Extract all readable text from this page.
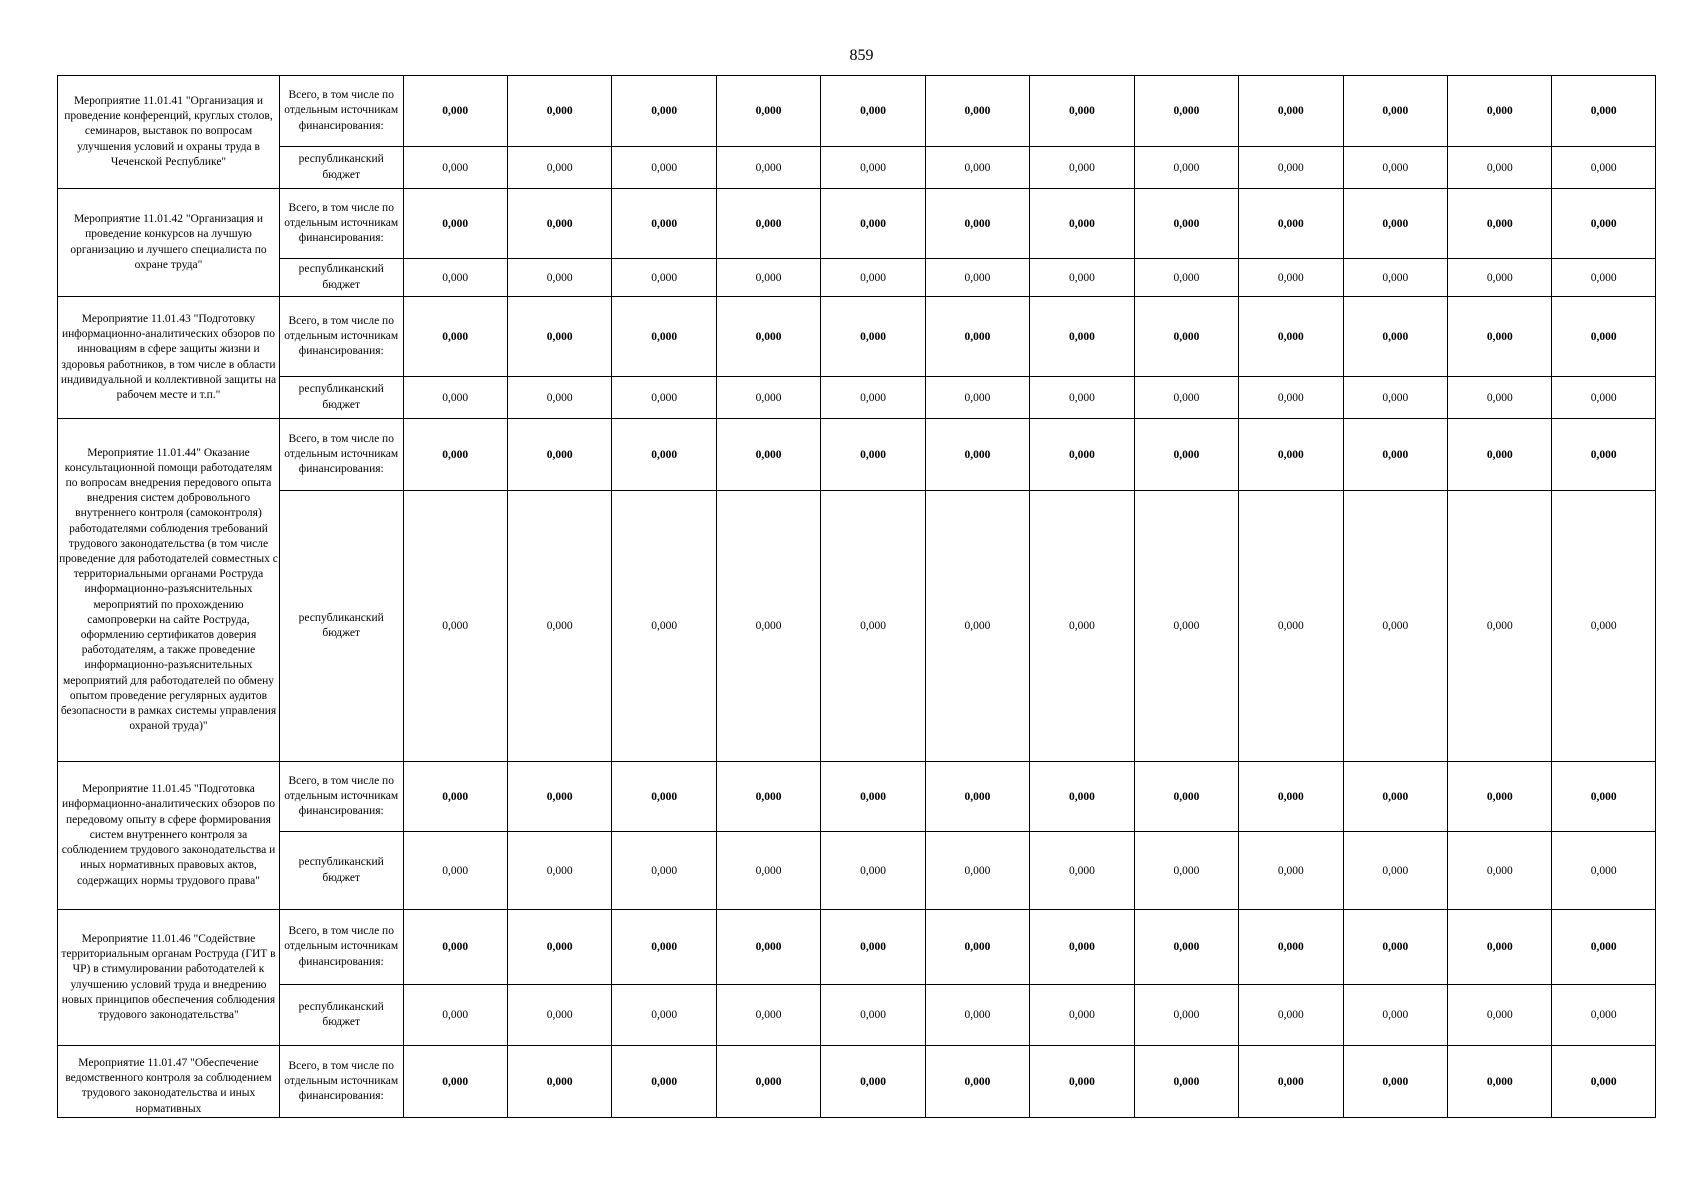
859
Мероприятие 11.01.41 "Организация и проведение конференций, круглых столов, семинаров, выставок по вопросам улучшения условий и охраны труда в Чеченской Республике"	Всего, в том числе по отдельным источникам финансирования:	0,000	0,000	0,000	0,000	0,000	0,000	0,000	0,000	0,000	0,000	0,000	0,000
	республиканский бюджет	0,000	0,000	0,000	0,000	0,000	0,000	0,000	0,000	0,000	0,000	0,000	0,000
Мероприятие 11.01.42 "Организация и проведение конкурсов на лучшую организацию и лучшего специалиста по охране труда"	Всего, в том числе по отдельным источникам финансирования:	0,000	0,000	0,000	0,000	0,000	0,000	0,000	0,000	0,000	0,000	0,000	0,000
	республиканский бюджет	0,000	0,000	0,000	0,000	0,000	0,000	0,000	0,000	0,000	0,000	0,000	0,000
Мероприятие 11.01.43 "Подготовку информационно-аналитических обзоров по инновациям в сфере защиты жизни и здоровья работников, в том числе в области индивидуальной и коллективной защиты на рабочем месте и т.п."	Всего, в том числе по отдельным источникам финансирования:	0,000	0,000	0,000	0,000	0,000	0,000	0,000	0,000	0,000	0,000	0,000	0,000
	республиканский бюджет	0,000	0,000	0,000	0,000	0,000	0,000	0,000	0,000	0,000	0,000	0,000	0,000
Мероприятие 11.01.44" Оказание консультационной помощи работодателям по вопросам внедрения передового опыта внедрения систем добровольного внутреннего контроля (самоконтроля) работодателями соблюдения требований трудового законодательства (в том числе проведение для работодателей совместных с территориальными органами Роструда информационно-разъяснительных мероприятий по прохождению самопроверки на сайте Роструда, оформлению сертификатов доверия работодателям, а также проведение информационно-разъяснительных мероприятий для работодателей по обмену опытом проведение регулярных аудитов безопасности в рамках системы управления охраной труда)"	Всего, в том числе по отдельным источникам финансирования:	0,000	0,000	0,000	0,000	0,000	0,000	0,000	0,000	0,000	0,000	0,000	0,000
	республиканский бюджет	0,000	0,000	0,000	0,000	0,000	0,000	0,000	0,000	0,000	0,000	0,000	0,000
Мероприятие 11.01.45 "Подготовка информационно-аналитических обзоров по передовому опыту в сфере формирования систем внутреннего контроля за соблюдением трудового законодательства и иных нормативных правовых актов, содержащих нормы трудового права"	Всего, в том числе по отдельным источникам финансирования:	0,000	0,000	0,000	0,000	0,000	0,000	0,000	0,000	0,000	0,000	0,000	0,000
	республиканский бюджет	0,000	0,000	0,000	0,000	0,000	0,000	0,000	0,000	0,000	0,000	0,000	0,000
Мероприятие 11.01.46 "Содействие территориальным органам Роструда (ГИТ в ЧР) в стимулировании работодателей к улучшению условий труда и внедрению новых принципов обеспечения соблюдения трудового законодательства"	Всего, в том числе по отдельным источникам финансирования:	0,000	0,000	0,000	0,000	0,000	0,000	0,000	0,000	0,000	0,000	0,000	0,000
	республиканский бюджет	0,000	0,000	0,000	0,000	0,000	0,000	0,000	0,000	0,000	0,000	0,000	0,000
Мероприятие 11.01.47 "Обеспечение ведомственного контроля за соблюдением трудового законодательства и иных нормативных	Всего, в том числе по отдельным источникам финансирования:	0,000	0,000	0,000	0,000	0,000	0,000	0,000	0,000	0,000	0,000	0,000	0,000
